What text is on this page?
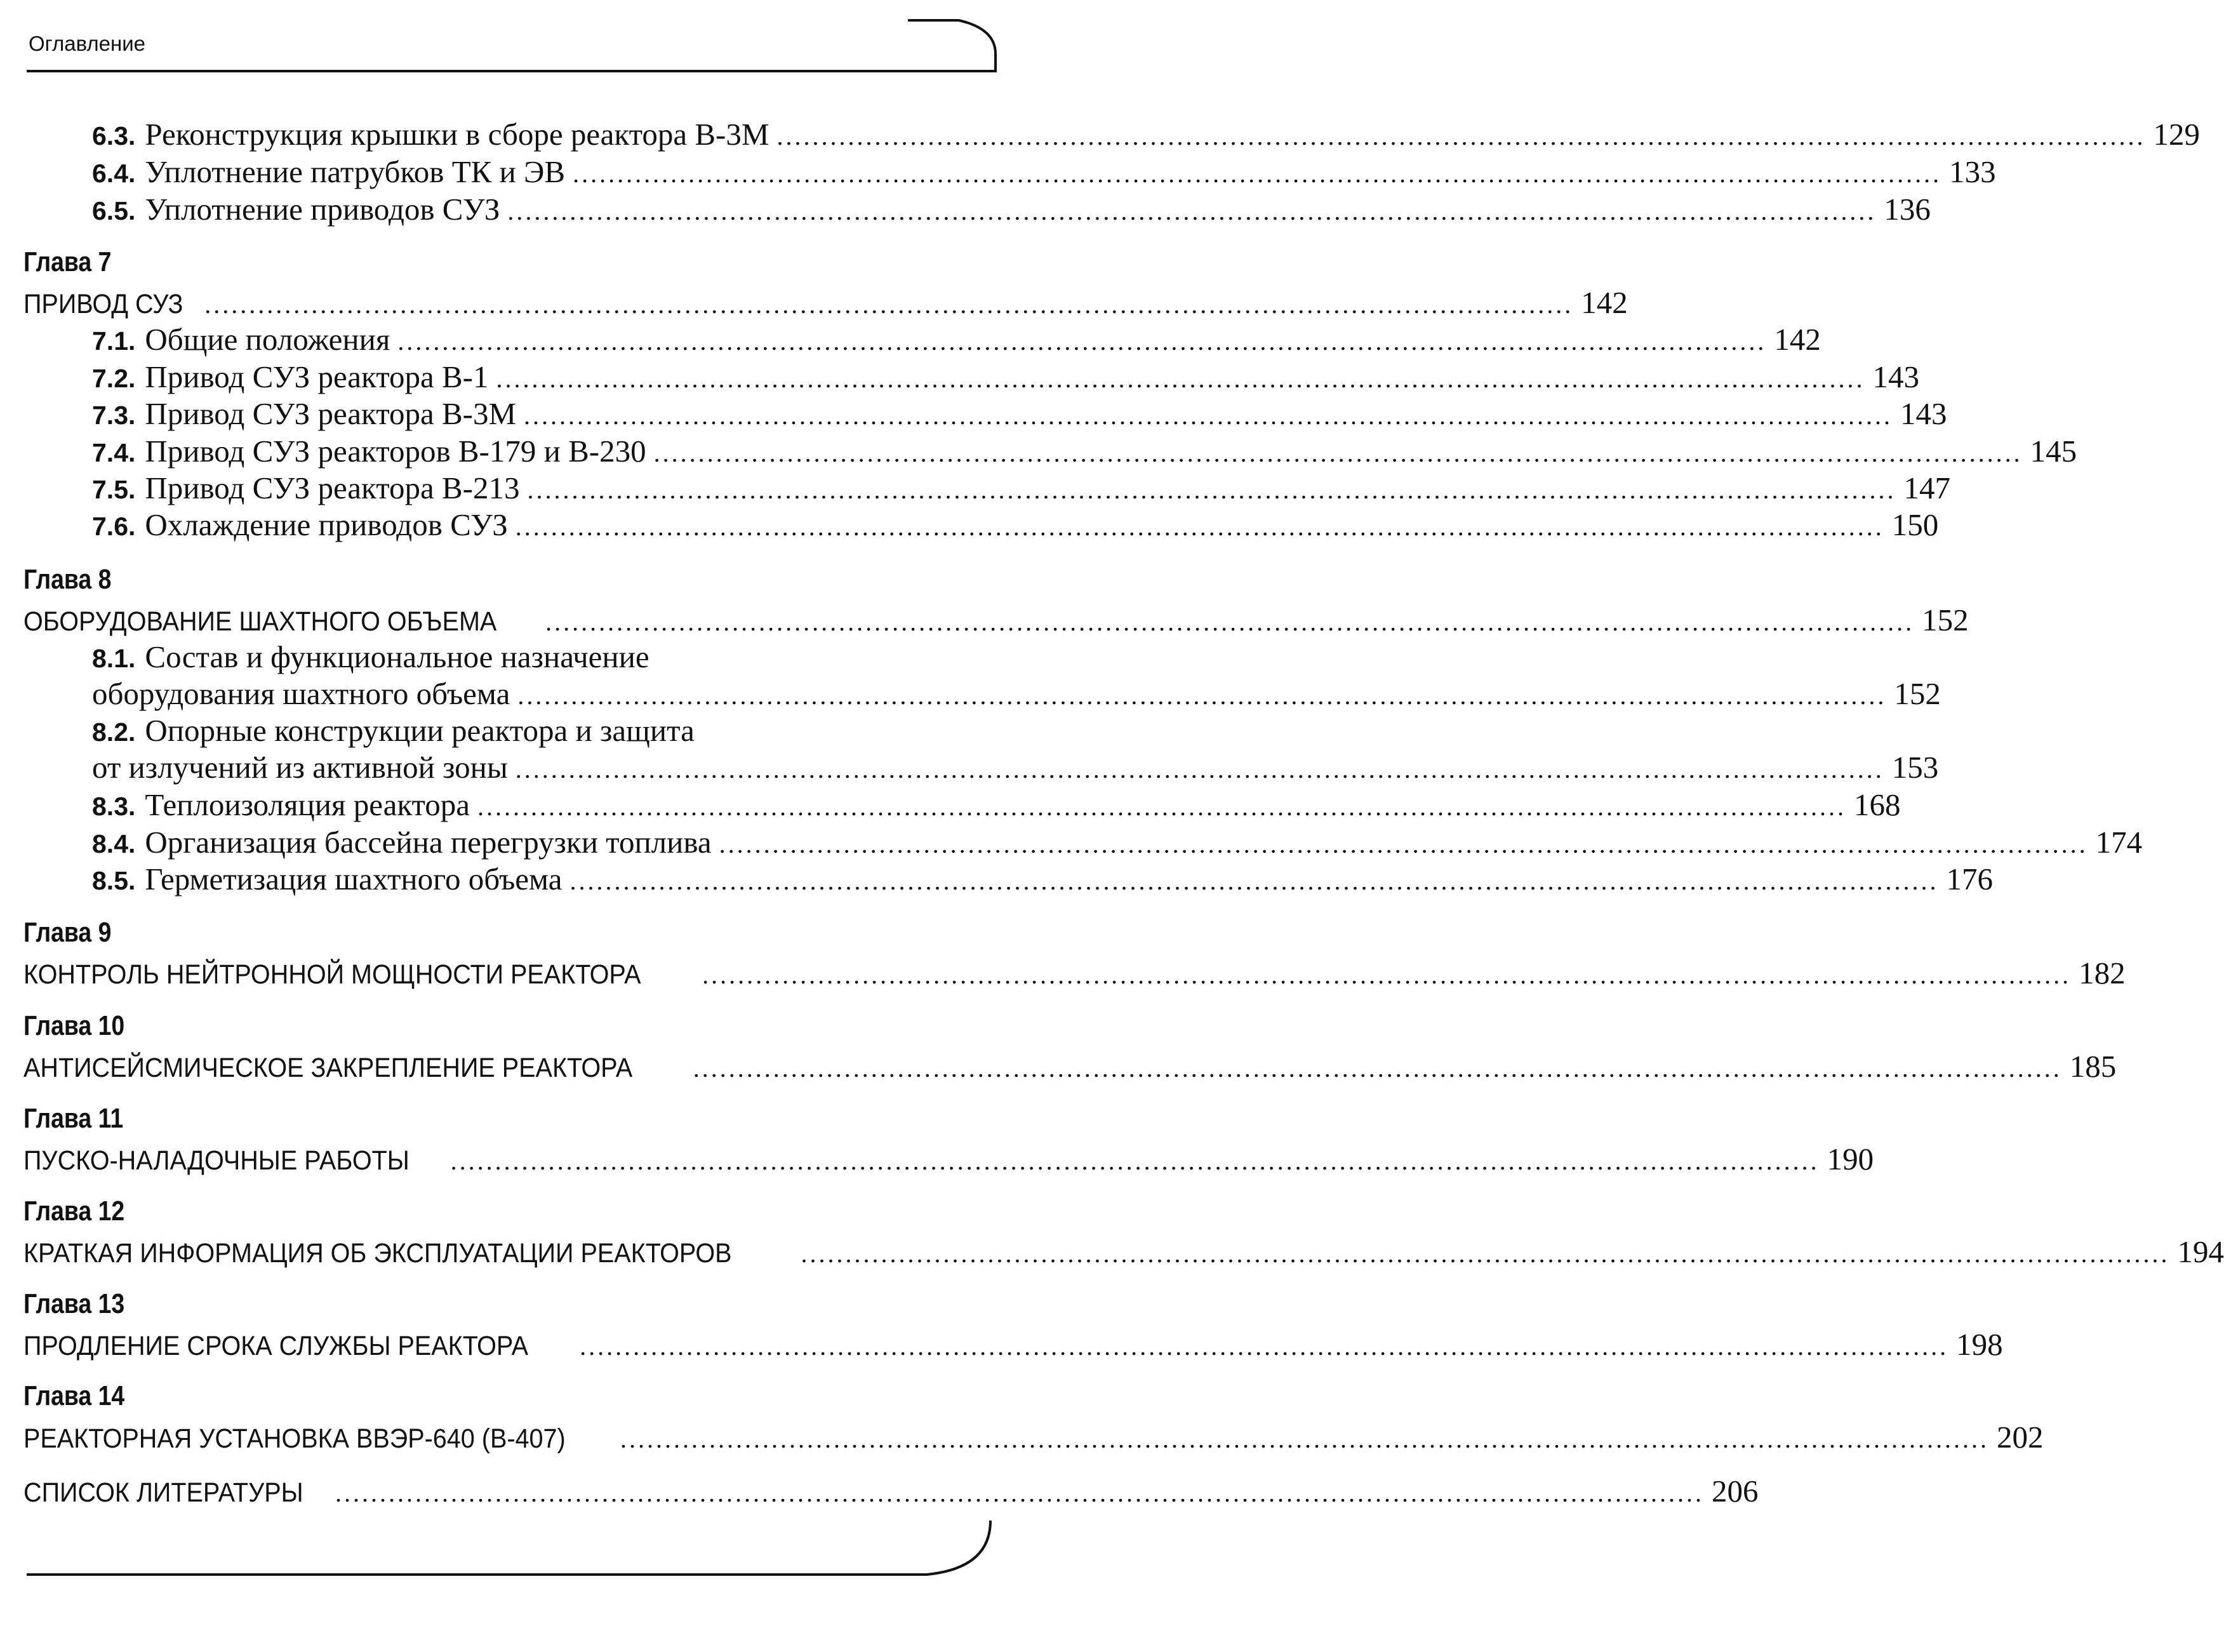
Оглавление
6.3. Реконструкция крышки в сборе реактора В-3М .......................................................................................................................................................... 129
6.4. Уплотнение патрубков ТК и ЭВ .......................................................................................................................................................... 133
6.5. Уплотнение приводов СУЗ .......................................................................................................................................................... 136
Глава 7
ПРИВОД СУЗ .......................................................................................................................................................... 142
7.1. Общие положения .......................................................................................................................................................... 142
7.2. Привод СУЗ реактора В-1 .......................................................................................................................................................... 143
7.3. Привод СУЗ реактора В-3М .......................................................................................................................................................... 143
7.4. Привод СУЗ реакторов В-179 и В-230 .......................................................................................................................................................... 145
7.5. Привод СУЗ реактора В-213 .......................................................................................................................................................... 147
7.6. Охлаждение приводов СУЗ .......................................................................................................................................................... 150
Глава 8
ОБОРУДОВАНИЕ ШАХТНОГО ОБЪЕМА .......................................................................................................................................................... 152
8.1. Состав и функциональное назначение
оборудования шахтного объема .......................................................................................................................................................... 152
8.2. Опорные конструкции реактора и защита
от излучений из активной зоны .......................................................................................................................................................... 153
8.3. Теплоизоляция реактора .......................................................................................................................................................... 168
8.4. Организация бассейна перегрузки топлива .......................................................................................................................................................... 174
8.5. Герметизация шахтного объема .......................................................................................................................................................... 176
Глава 9
КОНТРОЛЬ НЕЙТРОННОЙ МОЩНОСТИ РЕАКТОРА .......................................................................................................................................................... 182
Глава 10
АНТИСЕЙСМИЧЕСКОЕ ЗАКРЕПЛЕНИЕ РЕАКТОРА .......................................................................................................................................................... 185
Глава 11
ПУСКО-НАЛАДОЧНЫЕ РАБОТЫ .......................................................................................................................................................... 190
Глава 12
КРАТКАЯ ИНФОРМАЦИЯ ОБ ЭКСПЛУАТАЦИИ РЕАКТОРОВ	.......................................................................................................................................................... 194
Глава 13
ПРОДЛЕНИЕ СРОКА СЛУЖБЫ РЕАКТОРА .......................................................................................................................................................... 198
Глава 14
РЕАКТОРНАЯ УСТАНОВКА ВВЭР-640 (В-407) .......................................................................................................................................................... 202
СПИСОК ЛИТЕРАТУРЫ .......................................................................................................................................................... 206
